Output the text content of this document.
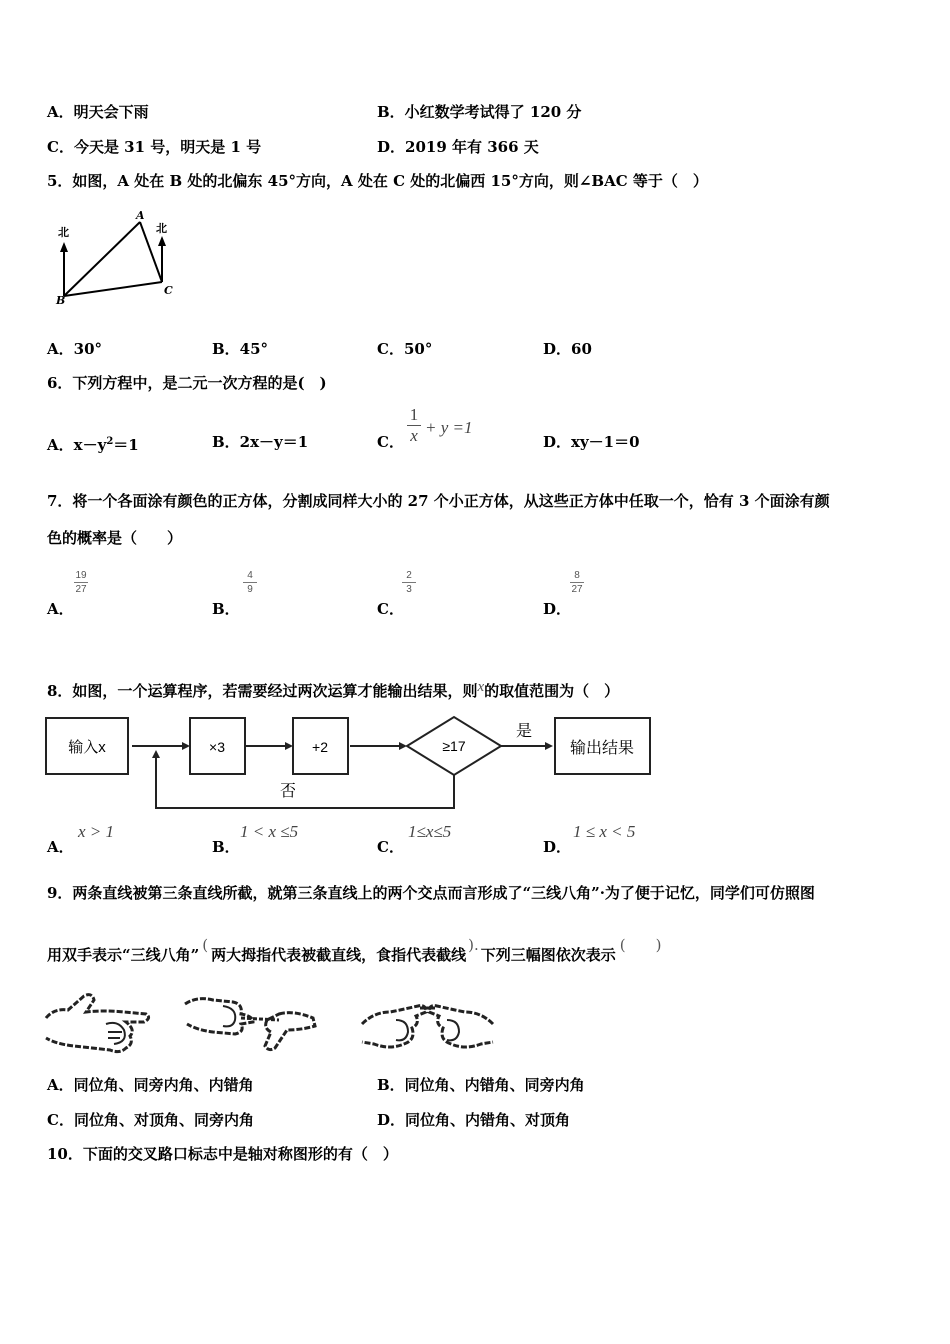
A．明天会下雨	B．小红数学考试得了 120 分
C．今天是 31 号，明天是 1 号	D．2019 年有 366 天
5．如图，A 处在 B 处的北偏东 45°方向，A 处在 C 处的北偏西 15°方向，则∠BAC 等于（　）
北	北
A
B
C
A．30°	B．45°	C．50°	D．60
6．下列方程中，是二元一次方程的是(　)
A．$x-y^2=1$	B．2x－y＝1	C．
1
x + y =1
D．xy－1＝0
7．将一个各面涂有颜色的正方体，分割成同样大小的 27 个小正方体，从这些正方体中任取一个，恰有 3 个面涂有颜
色的概率是（　　）
A．
19
27
B．
4
9
C．
2
3
D．
8
27
8．如图，一个运算程序，若需要经过两次运算才能输出结果，则x的取值范围为（　）
输入x	×3	+2	≥17
是
输出结果
否
A．
x > 1
B．
1 < x ≤5
C．
1≤x≤5
D．
1 ≤ x < 5
9．两条直线被第三条直线所截，就第三条直线上的两个交点而言形成了“三线八角”·为了便于记忆，同学们可仿照图
用双手表示“三线八角”(两大拇指代表被截直线，食指代表截线).下列三幅图依次表示(　　)
A．同位角、同旁内角、内错角	B．同位角、内错角、同旁内角
C．同位角、对顶角、同旁内角	D．同位角、内错角、对顶角
10．下面的交叉路口标志中是轴对称图形的有（　）
